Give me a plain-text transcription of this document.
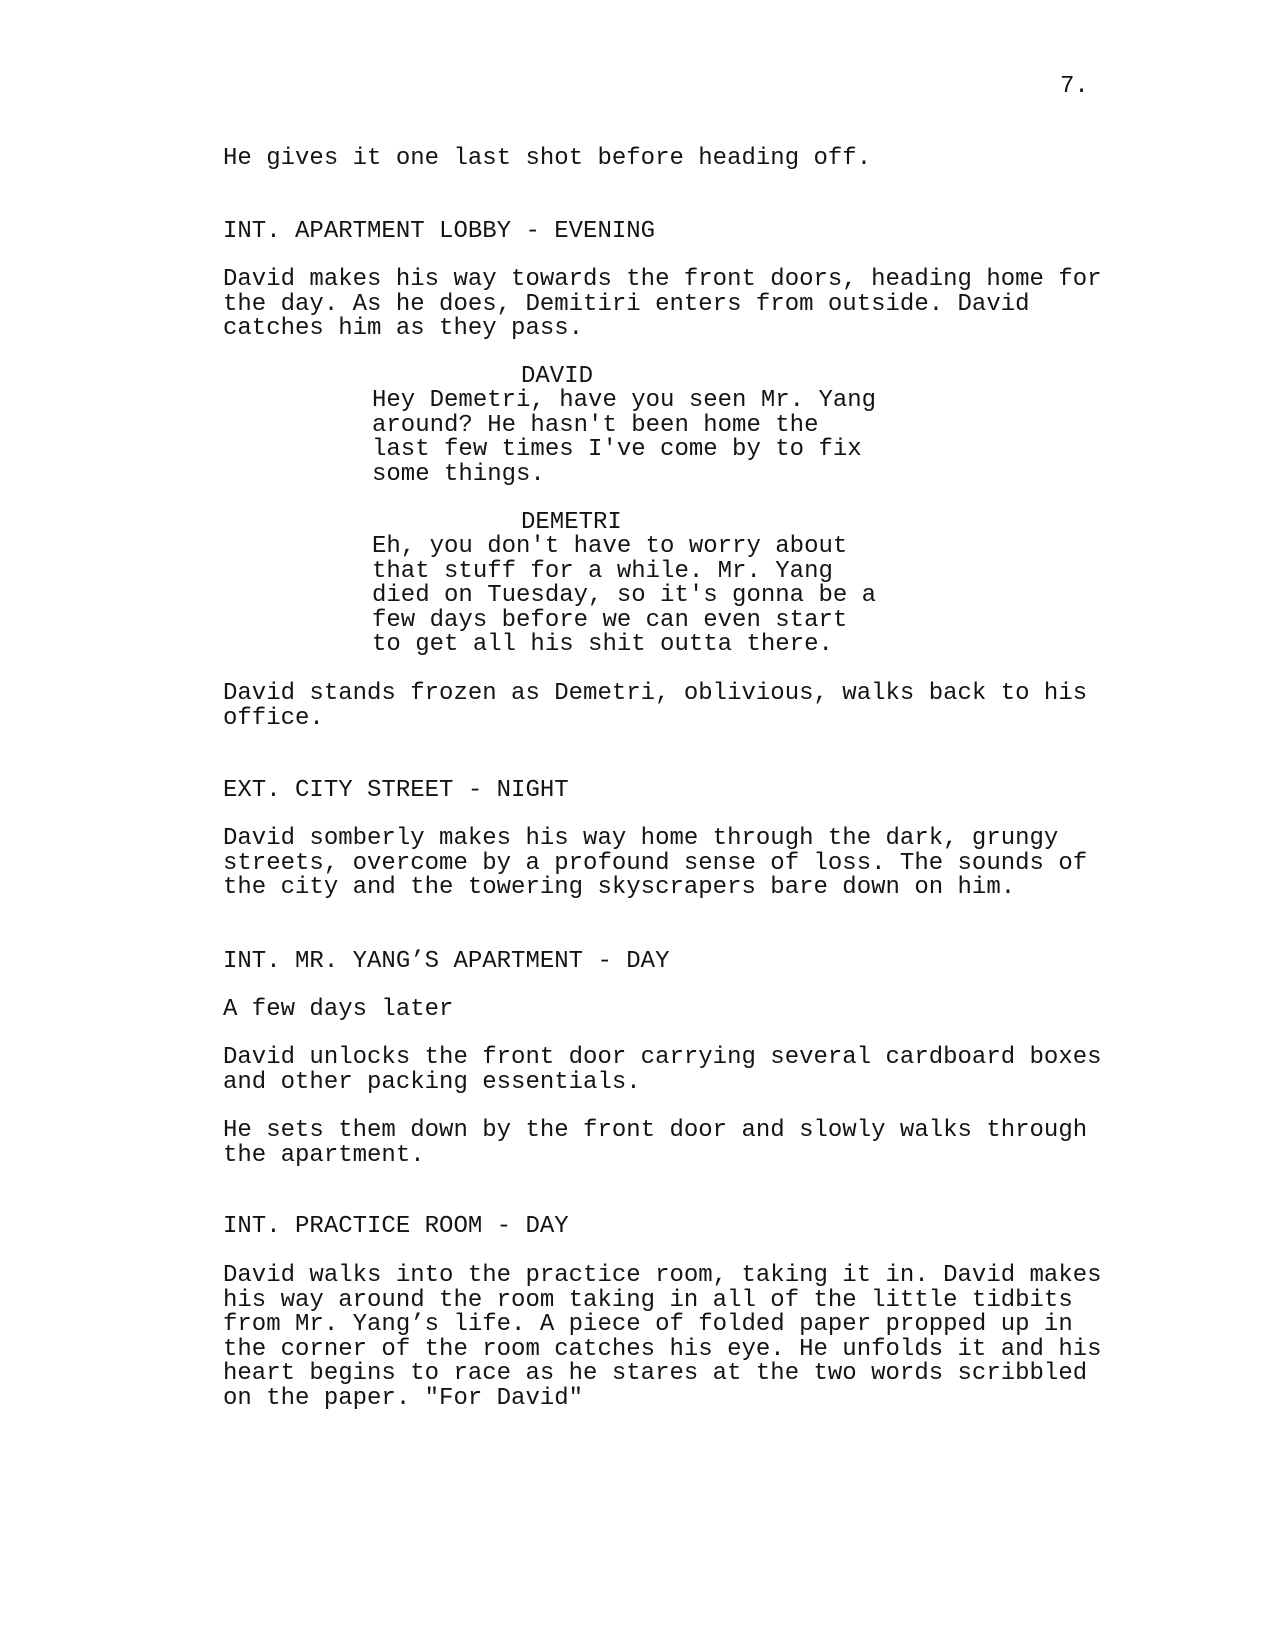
7.
He gives it one last shot before heading off.
INT. APARTMENT LOBBY - EVENING
David makes his way towards the front doors, heading home for
the day. As he does, Demitiri enters from outside. David
catches him as they pass.
DAVID
Hey Demetri, have you seen Mr. Yang
around? He hasn't been home the
last few times I've come by to fix
some things.
DEMETRI
Eh, you don't have to worry about
that stuff for a while. Mr. Yang
died on Tuesday, so it's gonna be a
few days before we can even start
to get all his shit outta there.
David stands frozen as Demetri, oblivious, walks back to his
office.
EXT. CITY STREET - NIGHT
David somberly makes his way home through the dark, grungy
streets, overcome by a profound sense of loss. The sounds of
the city and the towering skyscrapers bare down on him.
INT. MR. YANG’S APARTMENT - DAY
A few days later
David unlocks the front door carrying several cardboard boxes
and other packing essentials.
He sets them down by the front door and slowly walks through
the apartment.
INT. PRACTICE ROOM - DAY
David walks into the practice room, taking it in. David makes
his way around the room taking in all of the little tidbits
from Mr. Yang’s life. A piece of folded paper propped up in
the corner of the room catches his eye. He unfolds it and his
heart begins to race as he stares at the two words scribbled
on the paper. "For David"
